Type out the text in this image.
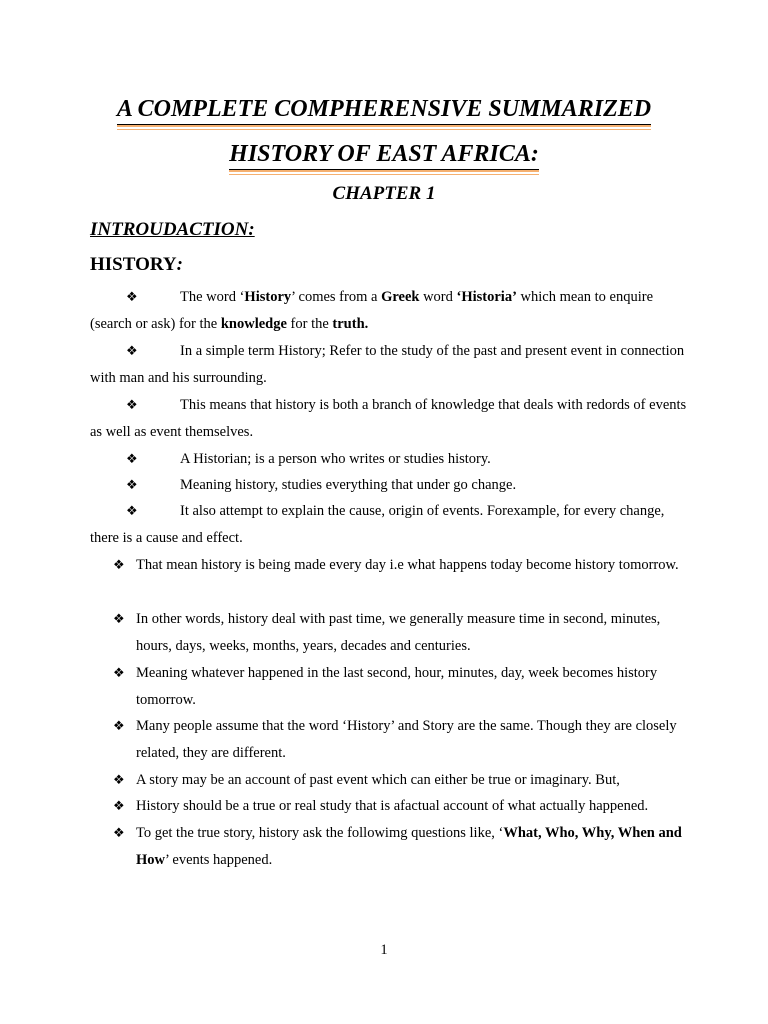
A COMPLETE COMPHERENSIVE SUMMARIZED
HISTORY OF EAST AFRICA:
CHAPTER 1
INTROUDACTION:
HISTORY:
❖	The word ‘History’ comes from a Greek word ‘Historia’ which mean to enquire (search or ask) for the knowledge for the truth.
❖	In a simple term History; Refer to the study of the past and present event in connection with man and his surrounding.
❖	This means that history is both a branch of knowledge that deals with redords of events as well as event themselves.
❖	A Historian; is a person who writes or studies history.
❖	Meaning history, studies everything that under go change.
❖	It also attempt to explain the cause, origin of events. Forexample, for every change, there is a cause and effect.
❖ That mean history is being made every day i.e what happens today become history tomorrow.
❖ In other words, history deal with past time, we generally measure time in second, minutes, hours, days, weeks, months, years, decades and centuries.
❖ Meaning whatever happened in the last second, hour, minutes, day, week becomes history tomorrow.
❖ Many people assume that the word ‘History’ and Story are the same. Though they are closely related, they are different.
❖ A story may be an account of past event which can either be true or imaginary. But,
❖ History should be a true or real study that is afactual account of what actually happened.
❖ To get the true story, history ask the followimg questions like, ‘What, Who, Why, When and How’ events happened.
1
